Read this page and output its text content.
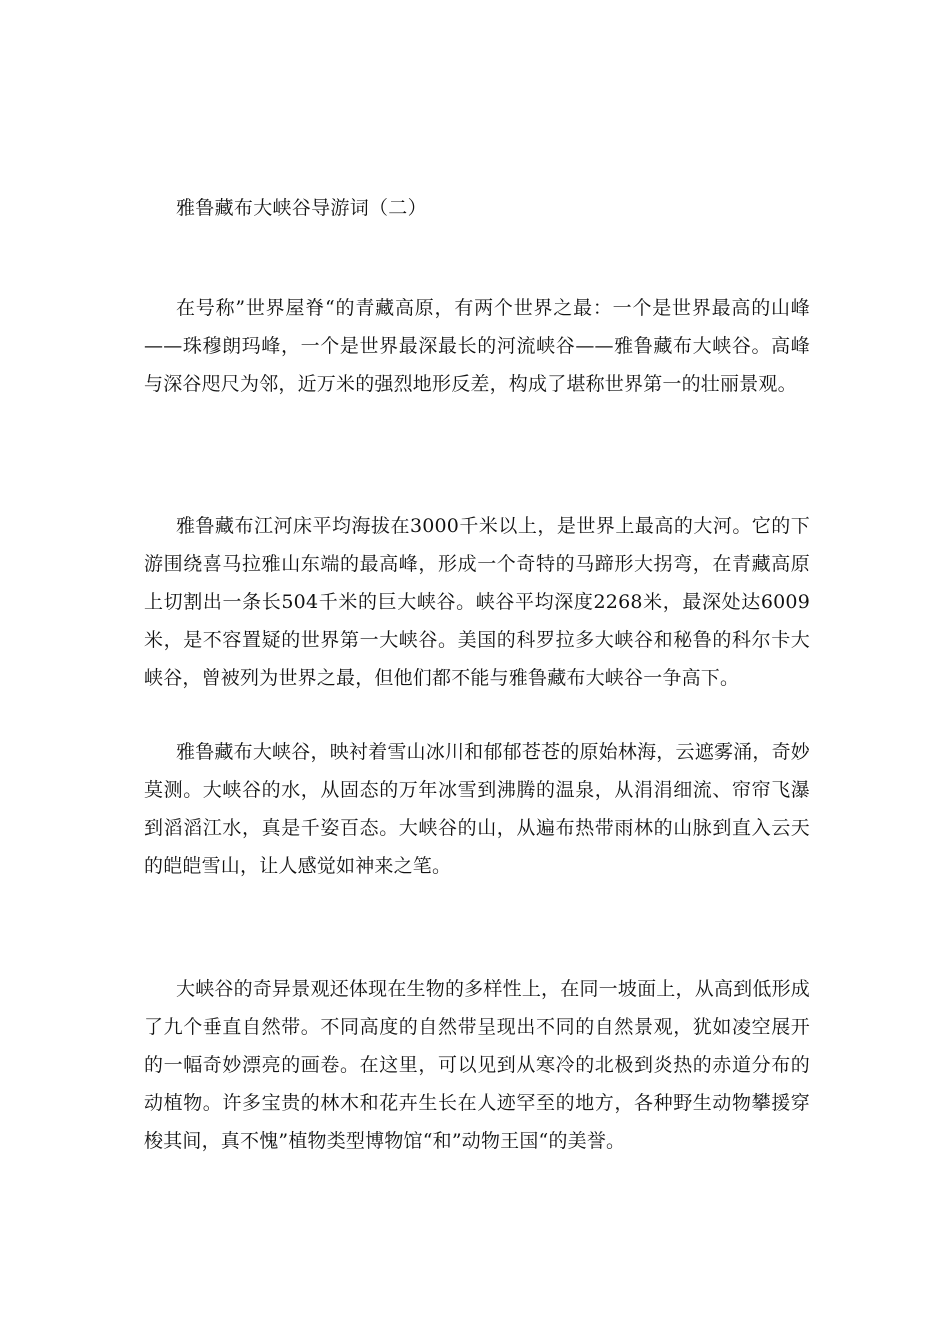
雅鲁藏布大峡谷导游词（二）

在号称”世界屋脊“的青藏高原，有两个世界之最：一个是世界最高的山峰——珠穆朗玛峰，一个是世界最深最长的河流峡谷——雅鲁藏布大峡谷。高峰与深谷咫尺为邻，近万米的强烈地形反差，构成了堪称世界第一的壮丽景观。

雅鲁藏布江河床平均海拔在3000千米以上，是世界上最高的大河。它的下游围绕喜马拉雅山东端的最高峰，形成一个奇特的马蹄形大拐弯，在青藏高原上切割出一条长504千米的巨大峡谷。峡谷平均深度2268米，最深处达6009米，是不容置疑的世界第一大峡谷。美国的科罗拉多大峡谷和秘鲁的科尔卡大峡谷，曾被列为世界之最，但他们都不能与雅鲁藏布大峡谷一争高下。

雅鲁藏布大峡谷，映衬着雪山冰川和郁郁苍苍的原始林海，云遮雾涌，奇妙莫测。大峡谷的水，从固态的万年冰雪到沸腾的温泉，从涓涓细流、帘帘飞瀑到滔滔江水，真是千姿百态。大峡谷的山，从遍布热带雨林的山脉到直入云天的皑皑雪山，让人感觉如神来之笔。

大峡谷的奇异景观还体现在生物的多样性上，在同一坡面上，从高到低形成了九个垂直自然带。不同高度的自然带呈现出不同的自然景观，犹如凌空展开的一幅奇妙漂亮的画卷。在这里，可以见到从寒冷的北极到炎热的赤道分布的动植物。许多宝贵的林木和花卉生长在人迹罕至的地方，各种野生动物攀援穿梭其间，真不愧”植物类型博物馆“和”动物王国“的美誉。
